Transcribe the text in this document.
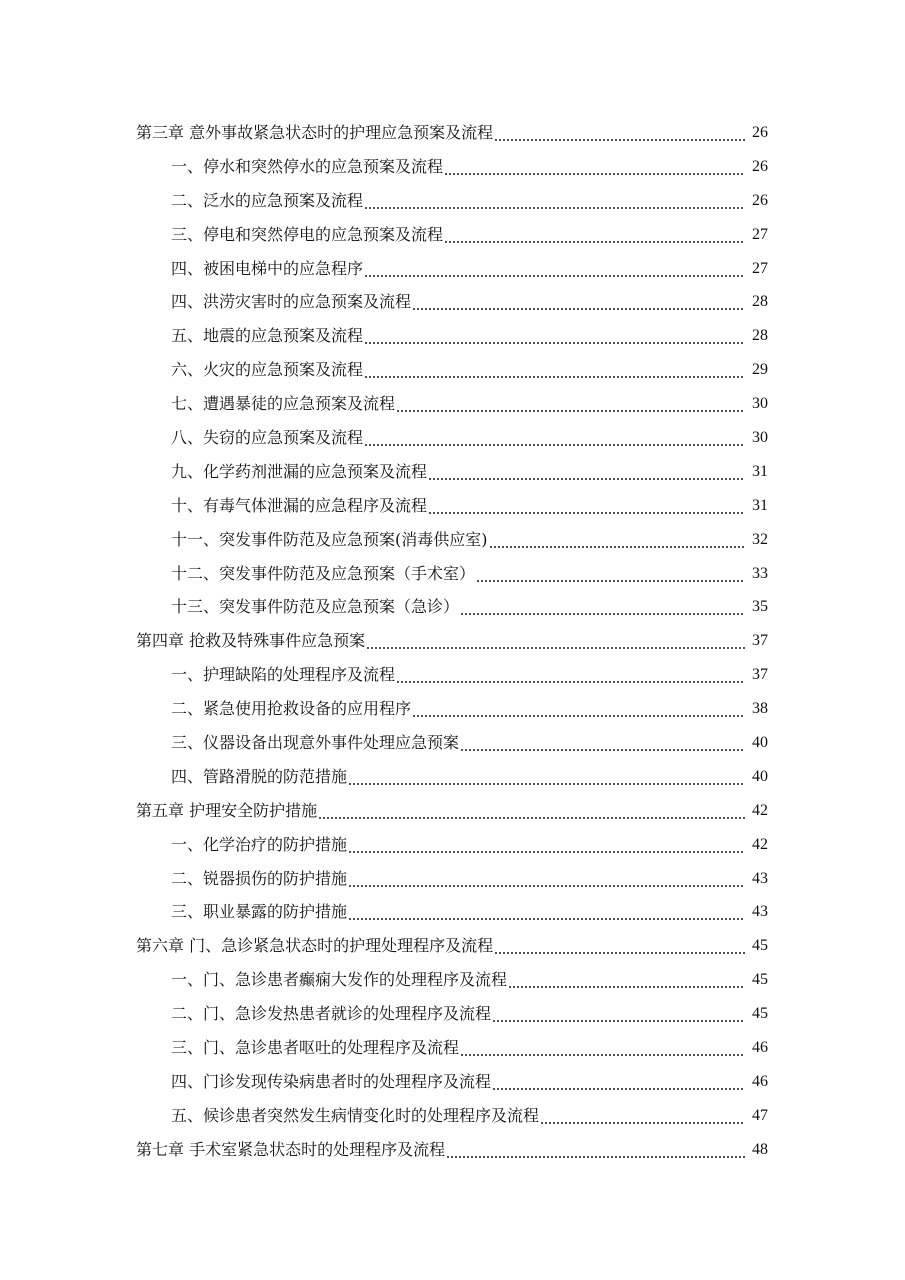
第三章 意外事故紧急状态时的护理应急预案及流程	26
一、停水和突然停水的应急预案及流程	26
二、泛水的应急预案及流程	26
三、停电和突然停电的应急预案及流程	27
四、被困电梯中的应急程序	27
四、洪涝灾害时的应急预案及流程	28
五、地震的应急预案及流程	28
六、火灾的应急预案及流程	29
七、遭遇暴徒的应急预案及流程	30
八、失窃的应急预案及流程	30
九、化学药剂泄漏的应急预案及流程	31
十、有毒气体泄漏的应急程序及流程	31
十一、突发事件防范及应急预案(消毒供应室)	32
十二、突发事件防范及应急预案（手术室）	33
十三、突发事件防范及应急预案（急诊）	35
第四章 抢救及特殊事件应急预案	37
一、护理缺陷的处理程序及流程	37
二、紧急使用抢救设备的应用程序	38
三、仪器设备出现意外事件处理应急预案	40
四、管路滑脱的防范措施	40
第五章 护理安全防护措施	42
一、化学治疗的防护措施	42
二、锐器损伤的防护措施	43
三、职业暴露的防护措施	43
第六章 门、急诊紧急状态时的护理处理程序及流程	45
一、门、急诊患者癫痫大发作的处理程序及流程	45
二、门、急诊发热患者就诊的处理程序及流程	45
三、门、急诊患者呕吐的处理程序及流程	46
四、门诊发现传染病患者时的处理程序及流程	46
五、候诊患者突然发生病情变化时的处理程序及流程	47
第七章 手术室紧急状态时的处理程序及流程	48
